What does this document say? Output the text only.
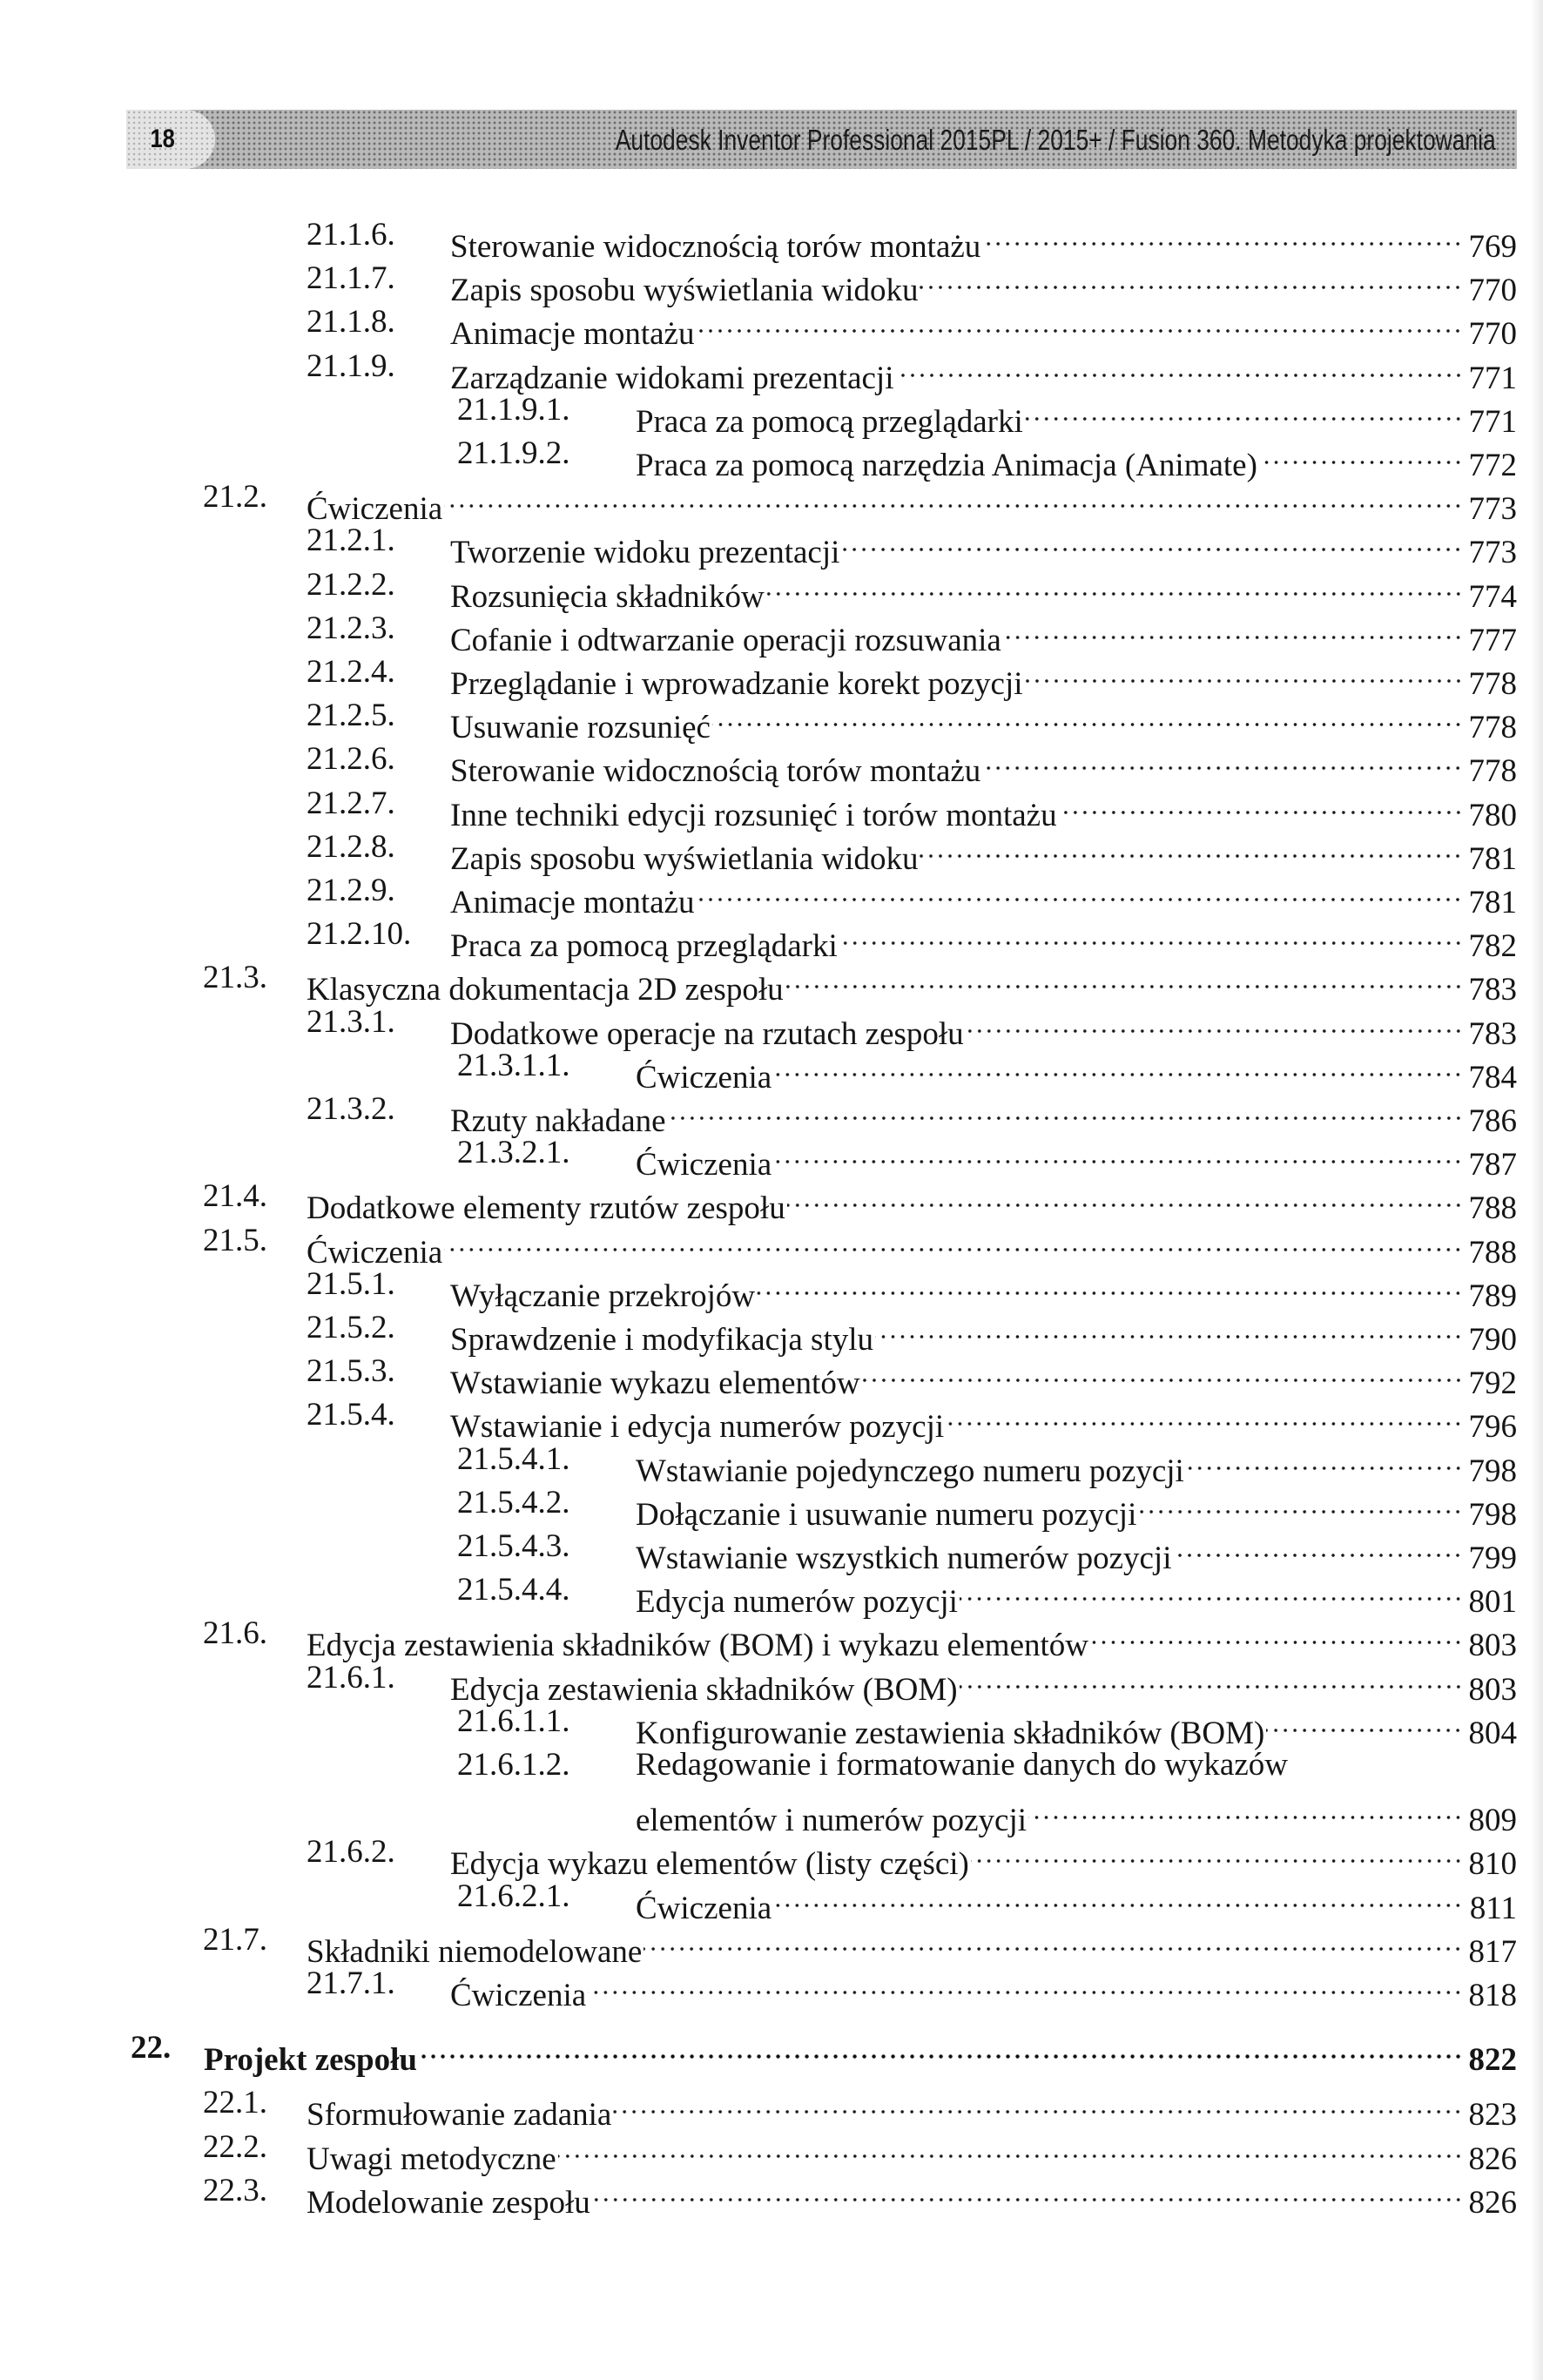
18	Autodesk Inventor Professional 2015PL / 2015+ / Fusion 360. Metodyka projektowania
21.1.6. Sterowanie widocznością torów montażu	769
21.1.7. Zapis sposobu wyświetlania widoku	770
21.1.8. Animacje montażu	770
21.1.9. Zarządzanie widokami prezentacji	771
21.1.9.1. Praca za pomocą przeglądarki	771
21.1.9.2. Praca za pomocą narzędzia Animacja (Animate)	772
21.2. Ćwiczenia	773
21.2.1. Tworzenie widoku prezentacji	773
21.2.2. Rozsunięcia składników	774
21.2.3. Cofanie i odtwarzanie operacji rozsuwania	777
21.2.4. Przeglądanie i wprowadzanie korekt pozycji	778
21.2.5. Usuwanie rozsunięć	778
21.2.6. Sterowanie widocznością torów montażu	778
21.2.7. Inne techniki edycji rozsunięć i torów montażu	780
21.2.8. Zapis sposobu wyświetlania widoku	781
21.2.9. Animacje montażu	781
21.2.10. Praca za pomocą przeglądarki	782
21.3. Klasyczna dokumentacja 2D zespołu	783
21.3.1. Dodatkowe operacje na rzutach zespołu	783
21.3.1.1. Ćwiczenia	784
21.3.2. Rzuty nakładane	786
21.3.2.1. Ćwiczenia	787
21.4. Dodatkowe elementy rzutów zespołu	788
21.5. Ćwiczenia	788
21.5.1. Wyłączanie przekrojów	789
21.5.2. Sprawdzenie i modyfikacja stylu	790
21.5.3. Wstawianie wykazu elementów	792
21.5.4. Wstawianie i edycja numerów pozycji	796
21.5.4.1. Wstawianie pojedynczego numeru pozycji	798
21.5.4.2. Dołączanie i usuwanie numeru pozycji	798
21.5.4.3. Wstawianie wszystkich numerów pozycji	799
21.5.4.4. Edycja numerów pozycji	801
21.6. Edycja zestawienia składników (BOM) i wykazu elementów	803
21.6.1. Edycja zestawienia składników (BOM)	803
21.6.1.1. Konfigurowanie zestawienia składników (BOM)	804
21.6.1.2. Redagowanie i formatowanie danych do wykazów
elementów i numerów pozycji	809
21.6.2. Edycja wykazu elementów (listy części)	810
21.6.2.1. Ćwiczenia	811
21.7. Składniki niemodelowane	817
21.7.1. Ćwiczenia	818
22. Projekt zespołu	822
22.1. Sformułowanie zadania	823
22.2. Uwagi metodyczne	826
22.3. Modelowanie zespołu	826
